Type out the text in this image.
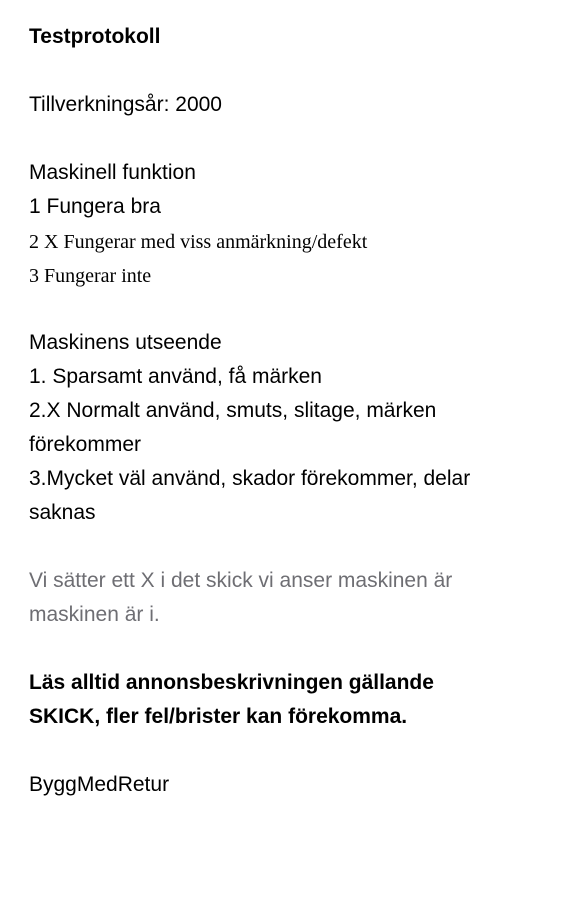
Testprotokoll
Tillverkningsår: 2000
Maskinell funktion
1 Fungera bra
2 X Fungerar med viss anmärkning/defekt
3 Fungerar inte
Maskinens utseende
1. Sparsamt använd, få märken
2.X Normalt använd, smuts, slitage, märken
förekommer
3.Mycket väl använd, skador förekommer, delar
saknas
Vi sätter ett X i det skick vi anser maskinen är
maskinen är i.
Läs alltid annonsbeskrivningen gällande
SKICK, fler fel/brister kan förekomma.
ByggMedRetur
